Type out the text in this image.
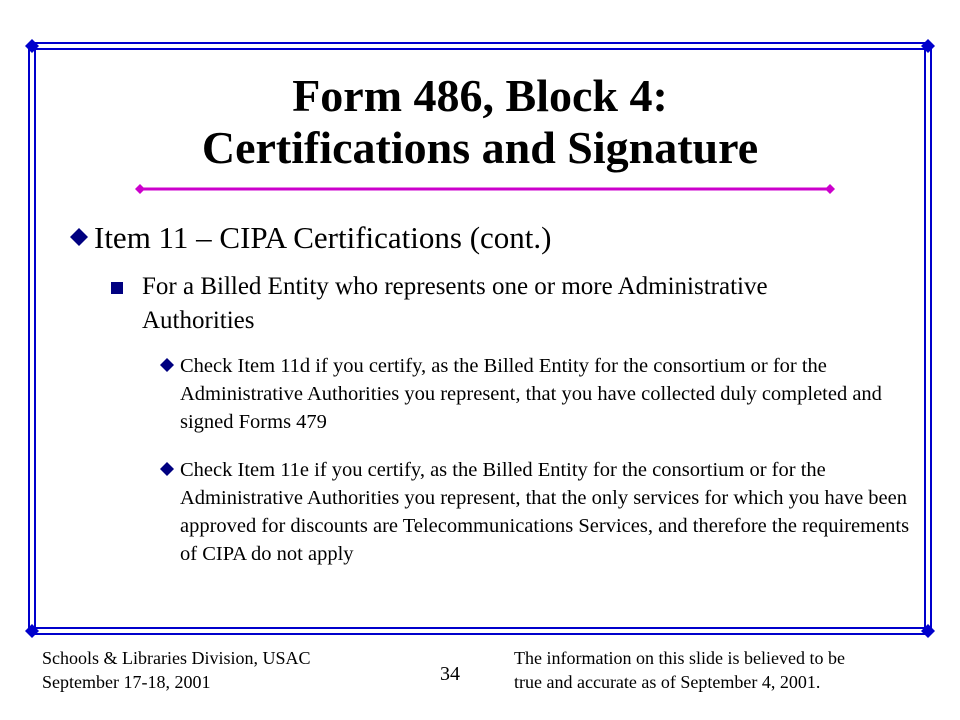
Form 486, Block 4:
Certifications and Signature
Item 11 – CIPA Certifications (cont.)
For a Billed Entity who represents one or more Administrative Authorities
Check Item 11d if you certify, as the Billed Entity for the consortium or for the Administrative Authorities you represent, that you have collected duly completed and signed Forms 479
Check Item 11e if you certify, as the Billed Entity for the consortium or for the Administrative Authorities you represent, that the only services for which you have been approved for discounts are Telecommunications Services, and therefore the requirements of CIPA do not apply
Schools & Libraries Division, USAC
September 17-18, 2001	34
The information on this slide is believed to be
true and accurate as of September 4, 2001.
